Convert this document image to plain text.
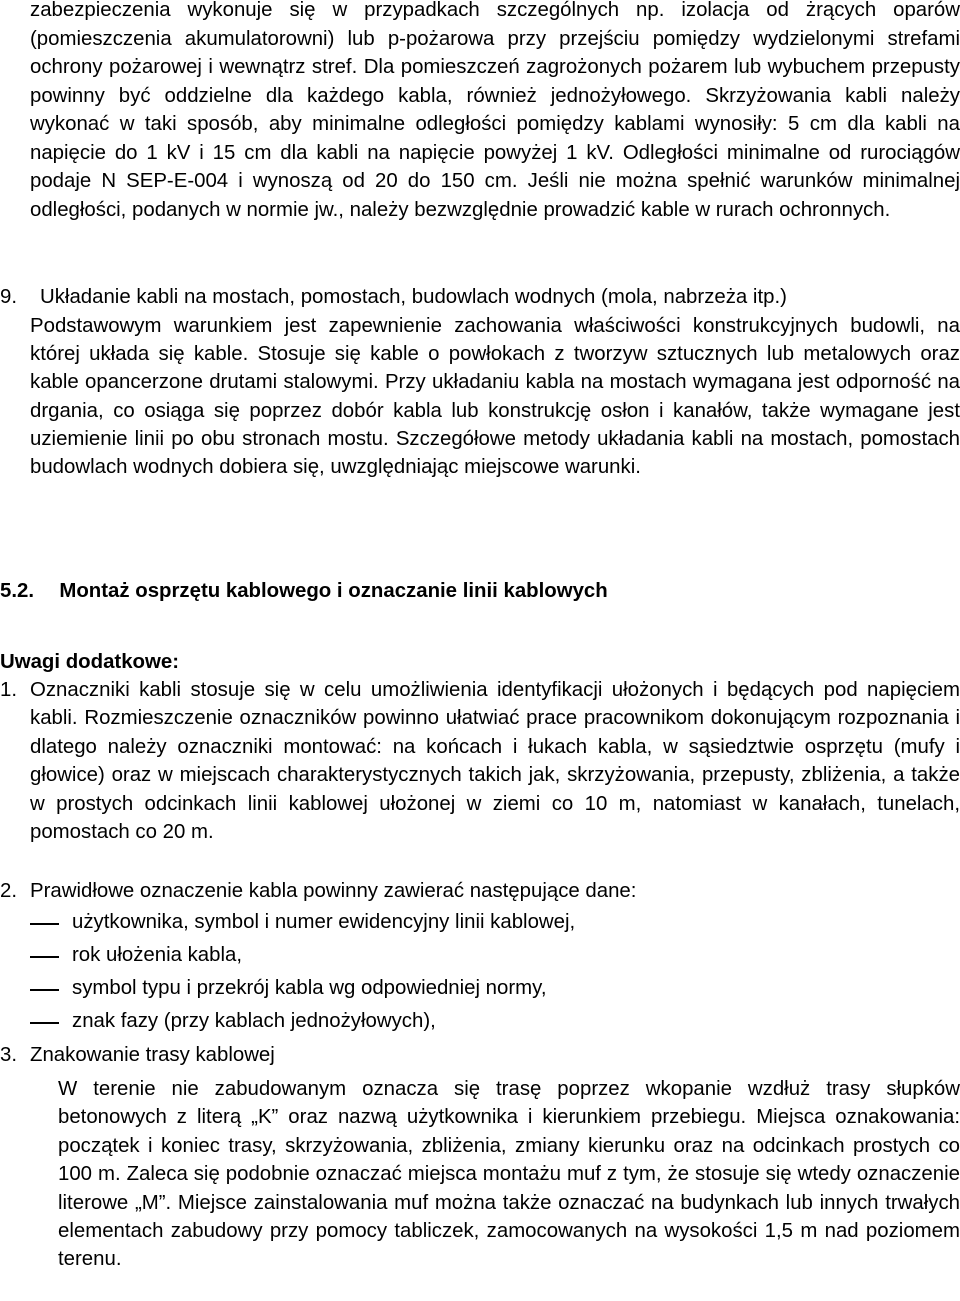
zabezpieczenia wykonuje się w przypadkach szczególnych np. izolacja od żrących oparów (pomieszczenia akumulatorowni) lub p-pożarowa przy przejściu pomiędzy wydzielonymi strefami ochrony pożarowej i wewnątrz stref. Dla pomieszczeń zagrożonych pożarem lub wybuchem przepusty powinny być oddzielne dla każdego kabla, również jednożyłowego. Skrzyżowania kabli należy wykonać w taki sposób, aby minimalne odległości pomiędzy kablami wynosiły: 5 cm dla kabli na napięcie do 1 kV i 15 cm dla kabli na napięcie powyżej 1 kV. Odległości minimalne od rurociągów podaje N SEP-E-004 i wynoszą od 20 do 150 cm. Jeśli nie można spełnić warunków minimalnej odległości, podanych w normie jw., należy bezwzględnie prowadzić kable w rurach ochronnych.

9. Układanie kabli na mostach, pomostach, budowlach wodnych (mola, nabrzeża itp.)

Podstawowym warunkiem jest zapewnienie zachowania właściwości konstrukcyjnych budowli, na której układa się kable. Stosuje się kable o powłokach z tworzyw sztucznych lub metalowych oraz kable opancerzone drutami stalowymi. Przy układaniu kabla na mostach wymagana jest odporność na drgania, co osiąga się poprzez dobór kabla lub konstrukcję osłon i kanałów, także wymagane jest uziemienie linii po obu stronach mostu. Szczegółowe metody układania kabli na mostach, pomostach budowlach wodnych dobiera się, uwzględniając miejscowe warunki.

5.2. Montaż osprzętu kablowego i oznaczanie linii kablowych
Uwagi dodatkowe:
1. Oznaczniki kabli stosuje się w celu umożliwienia identyfikacji ułożonych i będących pod napięciem kabli. Rozmieszczenie oznaczników powinno ułatwiać prace pracownikom dokonującym rozpoznania i dlatego należy oznaczniki montować: na końcach i łukach kabla, w sąsiedztwie osprzętu (mufy i głowice) oraz w miejscach charakterystycznych takich jak, skrzyżowania, przepusty, zbliżenia, a także w prostych odcinkach linii kablowej ułożonej w ziemi co 10 m, natomiast w kanałach, tunelach, pomostach co 20 m.

2. Prawidłowe oznaczenie kabla powinny zawierać następujące dane:

użytkownika, symbol i numer ewidencyjny linii kablowej,
rok ułożenia kabla,
symbol typu i przekrój kabla wg odpowiedniej normy,
znak fazy (przy kablach jednożyłowych),
3. Znakowanie trasy kablowej

W terenie nie zabudowanym oznacza się trasę poprzez wkopanie wzdłuż trasy słupków betonowych z literą „K” oraz nazwą użytkownika i kierunkiem przebiegu. Miejsca oznakowania: początek i koniec trasy, skrzyżowania, zbliżenia, zmiany kierunku oraz na odcinkach prostych co 100 m. Zaleca się podobnie oznaczać miejsca montażu muf z tym, że stosuje się wtedy oznaczenie literowe „M”. Miejsce zainstalowania muf można także oznaczać na budynkach lub innych trwałych elementach zabudowy przy pomocy tabliczek, zamocowanych na wysokości 1,5 m nad poziomem terenu.
